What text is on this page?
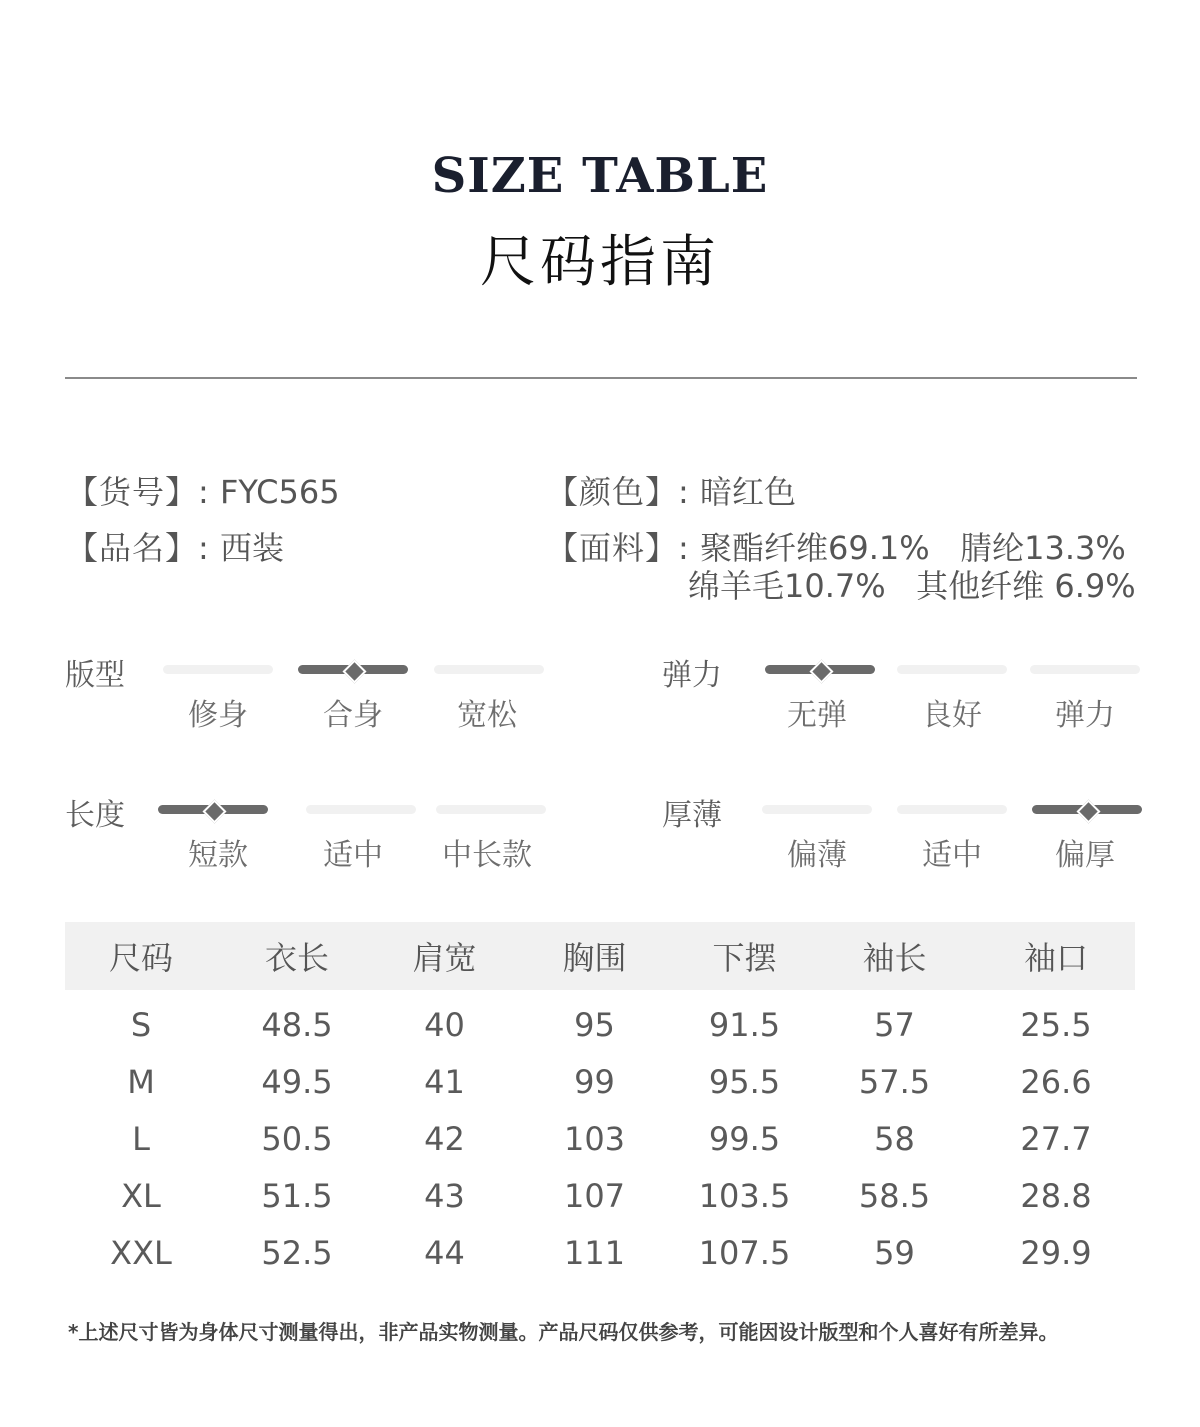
SIZE TABLE
尺码指南
【货号】: FYC565
【品名】: 西装
【颜色】: 暗红色
【面料】: 聚酯纤维69.1%   腈纶13.3%
绵羊毛10.7%   其他纤维 6.9%
版型
修身	合身	宽松
弹力
无弹	良好	弹力
长度
短款	适中	中长款
厚薄
偏薄	适中	偏厚
尺码	衣长	肩宽	胸围	下摆	袖长	袖口
S	48.5	40	95	91.5	57	25.5
M	49.5	41	99	95.5	57.5	26.6
L	50.5	42	103	99.5	58	27.7
XL	51.5	43	107	103.5	58.5	28.8
XXL	52.5	44	111	107.5	59	29.9
*上述尺寸皆为身体尺寸测量得出，非产品实物测量。产品尺码仅供参考，可能因设计版型和个人喜好有所差异。
